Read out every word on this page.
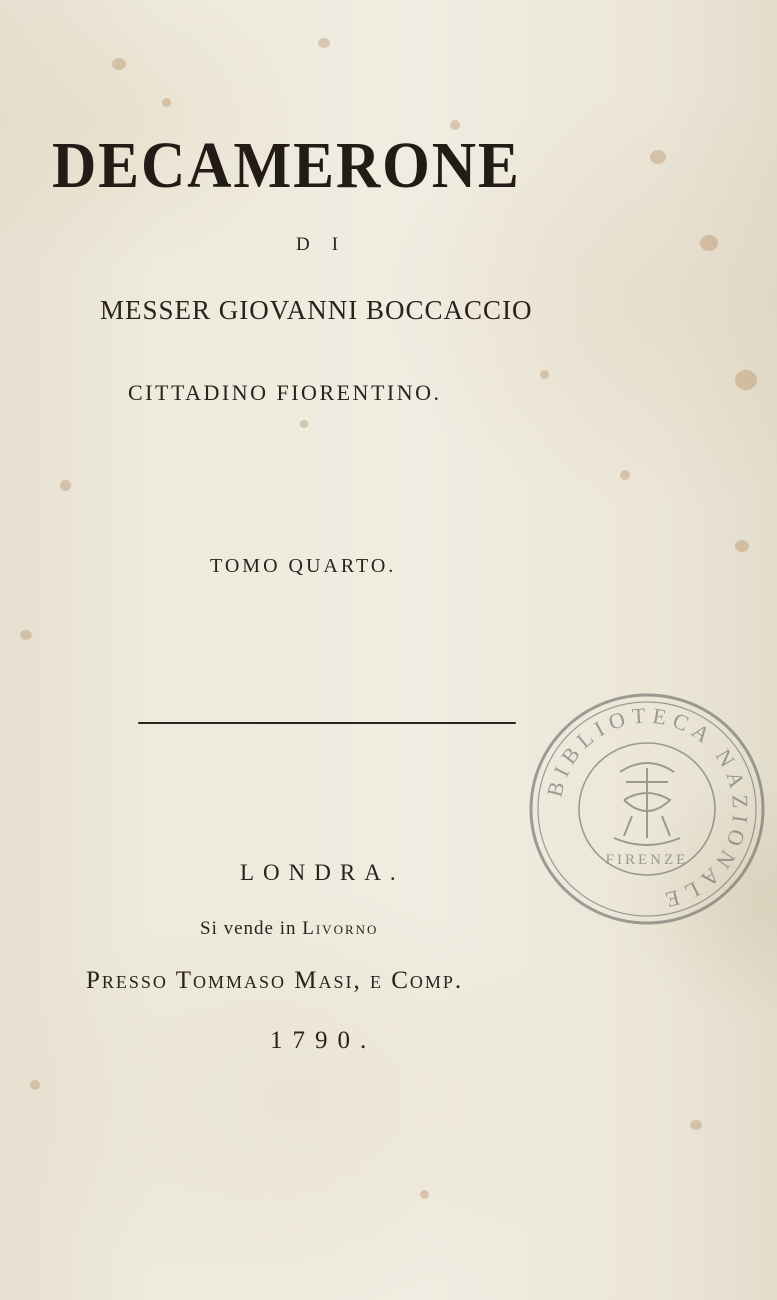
DECAMERONE
DI
MESSER GIOVANNI BOCCACCIO
CITTADINO FIORENTINO.
TOMO QUARTO.
LONDRA.
Si vende in Livorno
Presso Tommaso Masi, e Comp.
1790.
BIBLIOTECA NAZIONALE
FIRENZE
